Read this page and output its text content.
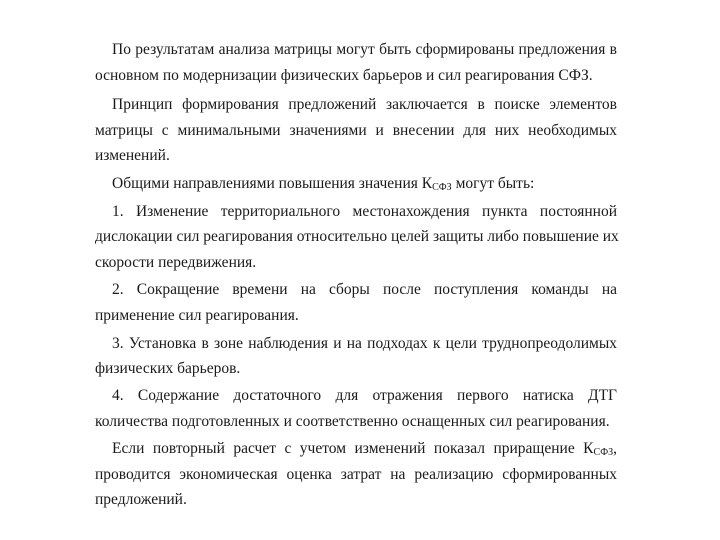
По результатам анализа матрицы могут быть сформированы предложения в
основном по модернизации физических барьеров и сил реагирования СФЗ.
Принцип формирования предложений заключается в поиске элементов
матрицы с минимальными значениями и внесении для них необходимых
изменений.
Общими направлениями повышения значения $К_{СФЗ}$ могут быть:
1. Изменение территориального местонахождения пункта постоянной
дислокации сил реагирования относительно целей защиты либо повышение их
скорости передвижения.
2. Сокращение времени на сборы после поступления команды на
применение сил реагирования.
3. Установка в зоне наблюдения и на подходах к цели труднопреодолимых
физических барьеров.
4. Содержание достаточного для отражения первого натиска ДТГ
количества подготовленных и соответственно оснащенных сил реагирования.
Если повторный расчет с учетом изменений показал приращение $К_{СФЗ}$,
проводится экономическая оценка затрат на реализацию сформированных
предложений.
